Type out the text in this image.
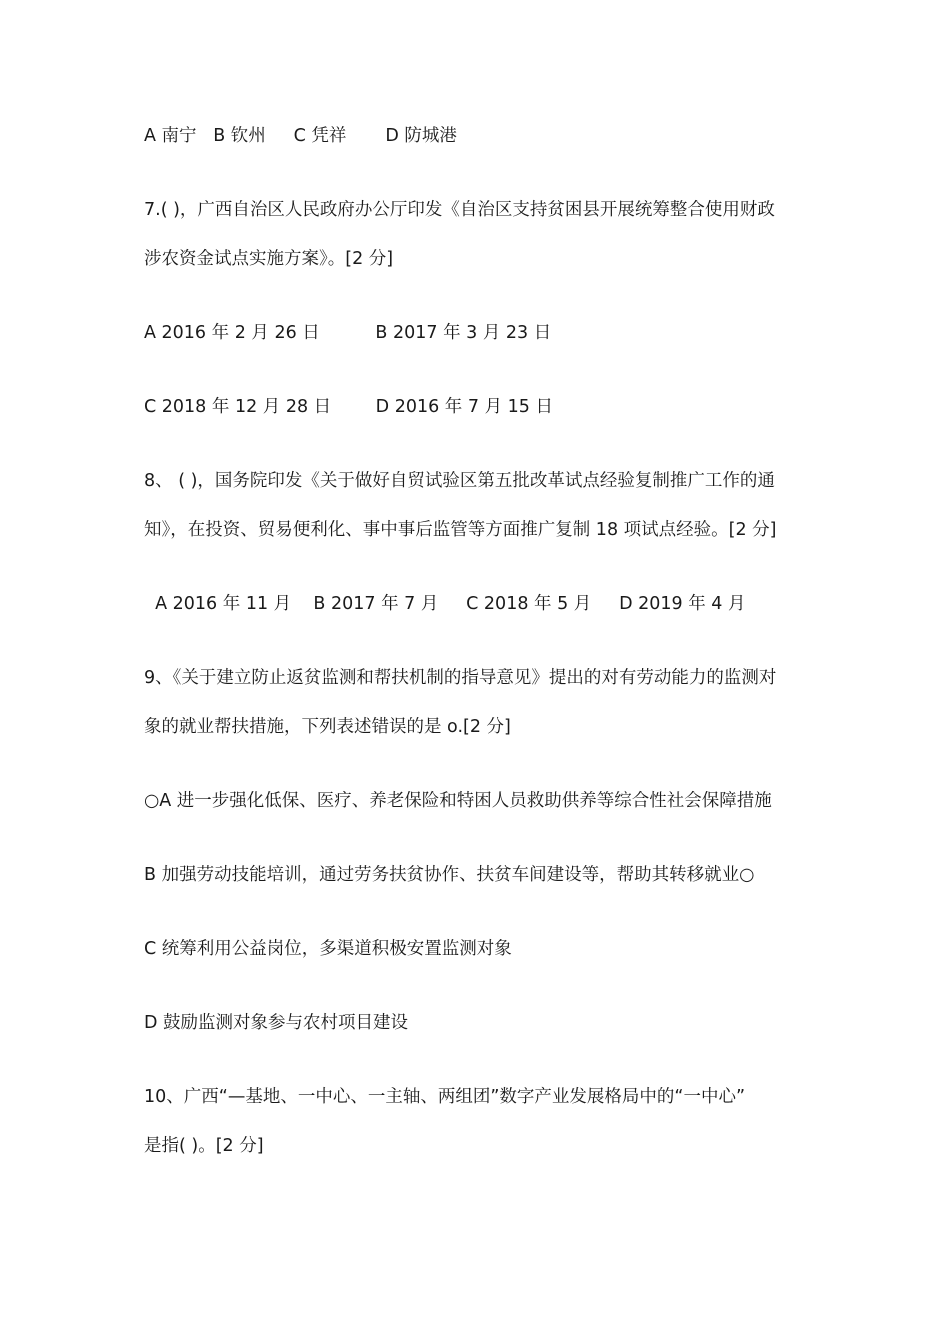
A 南宁   B 钦州     C 凭祥       D 防城港
7.( )，广西自治区人民政府办公厅印发《自治区支持贫困县开展统筹整合使用财政
涉农资金试点实施方案》。[2 分]
A 2016 年 2 月 26 日          B 2017 年 3 月 23 日
C 2018 年 12 月 28 日        D 2016 年 7 月 15 日
8、 ( )，国务院印发《关于做好自贸试验区第五批改革试点经验复制推广工作的通
知》，在投资、贸易便利化、事中事后监管等方面推广复制 18 项试点经验。[2 分]
A 2016 年 11 月    B 2017 年 7 月     C 2018 年 5 月     D 2019 年 4 月
9、《关于建立防止返贫监测和帮扶机制的指导意见》提出的对有劳动能力的监测对
象的就业帮扶措施，下列表述错误的是 o.[2 分]
○A 进一步强化低保、医疗、养老保险和特困人员救助供养等综合性社会保障措施
B 加强劳动技能培训，通过劳务扶贫协作、扶贫车间建设等，帮助其转移就业○
C 统筹利用公益岗位，多渠道积极安置监测对象
D 鼓励监测对象参与农村项目建设
10、广西“—基地、一中心、一主轴、两组团”数字产业发展格局中的“一中心”
是指( )。[2 分]
